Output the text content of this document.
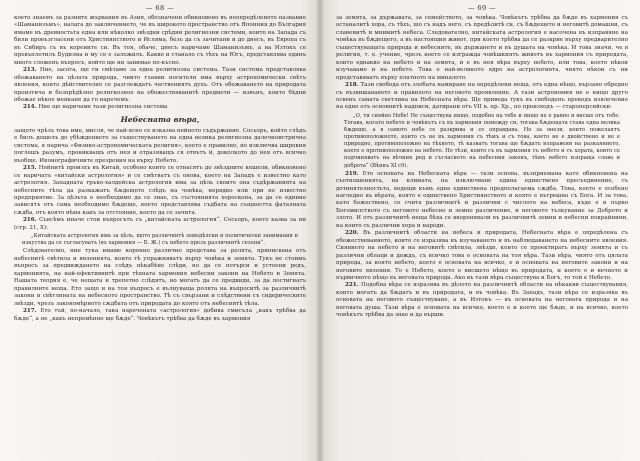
— 68 —

което знаемъ за разните жървания въ Азия, обозначени обикновено въ неопредѣленото название «Шаманизъмъ», налага до заключението, че въ широкото пространство отъ Японния до България имаме въ древностьта една или нѣколко звѣздни срѣдни религиозни системи, които на Запада съ били провъзгласени отъ Християнството и Исляма, безъ да съ зачитани и до днесъ, въ Европа съ въ Сибиръ съ въ корените си. Въ тоя, обаче, днесъ наричаме Шаманизъмъ, а на Изтокъ се превъплотилъ Будизма и му се е заложилъ. Какво и станало съ тѣхъ на Югъ, представлява единъ много сложенъ въпросъ, който ще ни занимае по-късно.

213. Ние, засега, ще ги смѣтаме за една религиозна система. Тази система представлява обожаването на цѣлата природа, чиито главни носители има върху астрономически свѣтъ явления, които дѣйствително се разглеждатъ чествениятъ духъ. Отъ обожаването на природата произтича и безпрѣдѣлно религиозное на обожествяванитѣ предмети — извънъ, които бѣдни обожае нѣкое менкане да го наречемъ.

214. Ние ще наричаме тази религиозна система

Небесната вѣра,

защото чрѣзъ това име, мисля, че най-ясно се изказва нейното съдържание. Сосьоръ, който слѣдъ е билъ дошелъ до убѣждението за съществуването на една велика религиозна далечноистрична система, я нарича «Физико-астрономическата религия», което е правилно, но изключва широкия поглешъ разумъ, проникващъ отъ нея и отразяващъ ся отвътъ й, доколкото до нея отъ всичко въобще. Иконографичните презрения на върху Небето.

215. Нейнитѣ произхъ въ Китай, особено които се отнасятъ до звѣздните кешели, обикновено се наричатъ «китайски астрология» и се смѣтватъ съ онова, което на Западъ е известно като астрология. Западната гръко-халдейска астрология има за цѣль своите она съдѣржанията на небесните тѣла да разкажатъ бѫдещето слѣдъ на човѣка, нерядко или при не известно предприятие. За цѣльта е необходимо да се знае, съ състоянията хороскопа, за да се единие зависятъ отъ сама необходимо бѫдеще, което представлява съдбата на същността фаталната сѫдба, отъ която нѣма какъ за отстояние, което да се зачита.

216. Съвсѣмъ иначе стои въпросътъ съ „китайската астрология“. Сосьоръ, което казва за ни (стр. 21, Х):

„Китайската астрология има за цѣль, щото различнитѣ земедѣлски и политически занимания и изкуства да се съгласуватъ (въ хармония — Б. Ж.) съ небето презъ различнитѣ сезони“.

Слѣдователно, ние тука имаме коренно различно представа за ролята, приписвана отъ небеснитѣ свѣтила и явленията, които тѣ упражняватъ върху човѣка и земята. Тукъ не стоимъ въпросъ за предвиждането на слѣдъ нѣкабѣне слѣди, но да се потърси и устоени редъ, хармонията, на най-ефективнитѣ при тѣхната хармония небесни закони на Небето и Земята. Нашата теория е, че нещата и трепетно слѣдятъ, но могатъ да се предвиди, за да постигнатъ правилните неща. Ето защо и на тоя въпросъ е вълнуваща ролята на въпроситѣ за различнитѣ закони и свѣтлината на небесното пространство. Тѣ съ свързани и слѣдствени съ сидерическите звѣзди, чрезъ закономѣрното сѫдбата отъ природата до която отъ небеснитѣ тѣла.

217. Ето тъй, по-начало, така наречената «астрология» добива смисъла „какъ трѣбва да бѫде“, а не „какъ непремѣнно ще бѫде“. Човѣкътъ трѣбва да бѫде въ хармония

— 69 —

за земята, за държавата, за семейството, за човѣка. Човѣкътъ трѣбва да бѫде въ хармония съ останалитѣ хора, съ тѣхъ, що съ надъ него, съ предѣлитѣ си, съ бѫдещето и неговитѣ домашни, съ славенитѣ и мнимитѣ небеса. Следователно, китайската астрология е насочена въ изправяне на човѣка въ бѫдещето, а въ настоящия живот, при което трѣбва да се разкрие върху предварително съществуващата природа и небесните, въ държането и въ душата на човѣка. И това значи, че в религия, т. е. учение, чрезъ което се изгражда човѣшкиятъ животъ въ хармония съ природата, които еднакво на небето и на земята, и е въ нея вѣра върху небето, или това, което нѣкои изучаваме и на небето. Това е най-великото ядро на астрологията, чиято нѣкои съ ни представяватъ върху платното на миналото.

218. Тази свобода отъ злобата намиране на опредѣлени неща, отъ една нѣщо, вързано обредно съ възвишаването и правилото на неговото проявление. А тази астрономия не е нищо друго освенъ самата светлина на Небесната вѣра. Ще приведа тукъ въ свободенъ преводъ извлечение на едно отъ основнитѣ надписи, датирани отъ VII в. пр. Хр., по произходъ — староперсийски:

„О, ти сияйно Небе! Не съществува нищо, подобно на тебе и нищо не е равно и висше отъ тебе. Тогава, когато небето и човѣкътъ съ въ хармония помежду си, тогава бѫдещата става една велика бѫдеще, а в самото небе се разкрива и се оправдава. Но за онези, които пожелаятъ противоположното, които съ не въ хармония съ тѣмъ и съ това, което не е двойствено и не е природно, противоположно на тѣхното, тѣ казватъ тогава ще бѫдатъ изправени на разкаянието, което е противоположно на небето. Но тѣзи, които съ въ хармония съ небето и съ хората, които се подчиняватъ на вѣчния ред и съгласието на небесния законъ, тѣмъ небето изпраща слава и доброта“ (Вѣнкъ XI с9).

219. Ето основата на Небесната вѣра — тази основа, възприемана като обикновена на съотношенията, на климата, на изключване едина единствено пресъединение, съ дотинятелностьта, водещи къмъ една единствена предполагаема сѫдба. Това, което е особено нагледно въ вѣрата, която е единствено Християнството и която е вътрешно съ Бога. И за това, като божествено, се счита различнитѣ и различни с числото на небеса, къде е и първо Богомилството съ неговото небесно и земно различение, и неговото тълкувание за Доброто и злото. И отъ различнитѣ неща бѣха се вкоренявали въ различнитѣ земни и небесни покрайнини, на които съ различни хора и народи.

220. Въ различнитѣ области на небеса и природата, Небесната вѣра е опредѣлена съ обожествеванието, които се изразява въ изучаването и въ наблюдаването на небесните явления. Сиянието на небето и на неговитѣ свѣтила, звѣзди, които се проектиратъ върху земята и съ различни облаци и дождъ, съ всичко това е основата на тоя вѣра. Тази вѣра, чиято отъ цялата природа, за която небето, което е основата на всичко, е и основата на неговите закони и на неговите явления. То е Небето, което е висшето нѣщо въ природата, и което е и вечното и първичното нѣщо въ неговата природа. Ако въ тази вѣра съществува и Богъ, то той е Небето.

221. Подобна вѣра се изразява въ дѣлото на различнитѣ области на нѣкакви съществувания, които могатъ да бѫдатъ и въ природата, и въ човѣка. Въ Западъ, тази вѣра се изразява въ основата на неговото съществуване, а въ Изтокъ — въ основата на неговата природа и на неговата душа. Тази вѣра е основата на всичко, което е и което ще бѫде, и на всичко, което човѣкътъ трѣбва да знае и да върши.
